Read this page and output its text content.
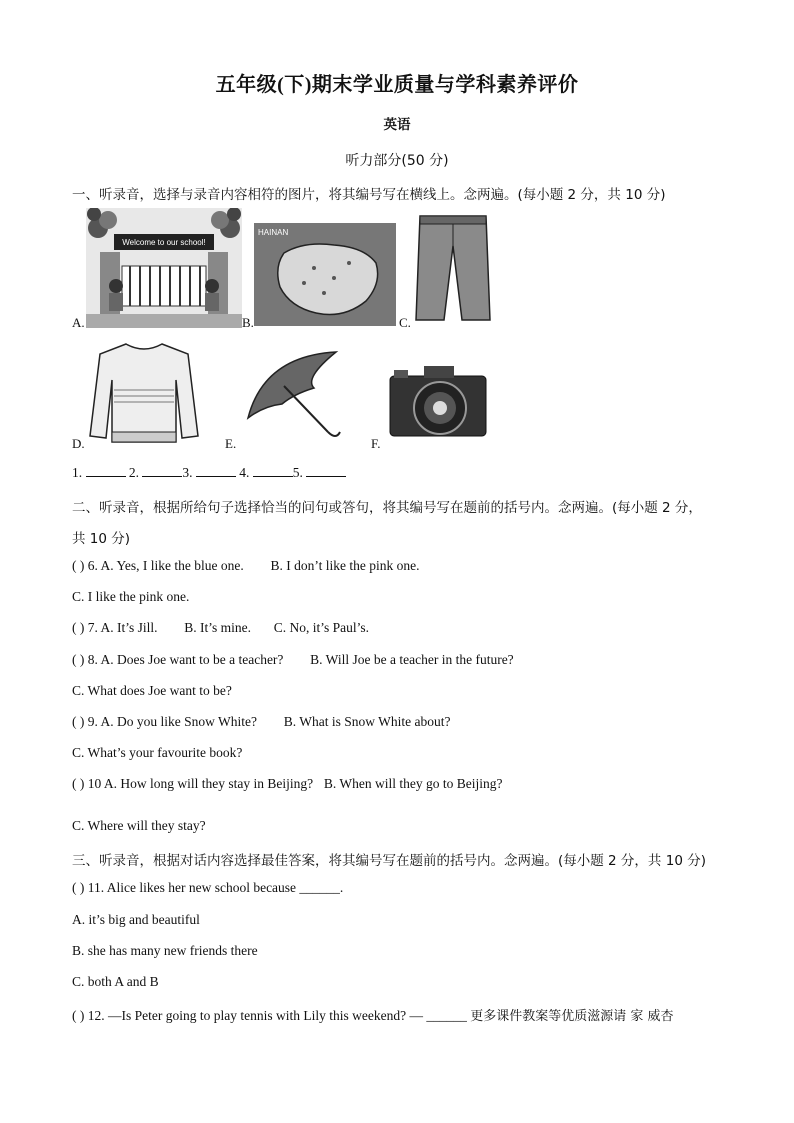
五年级(下)期末学业质量与学科素养评价
英语
听力部分(50 分)
一、听录音，选择与录音内容相符的图片，将其编号写在横线上。念两遍。(每小题 2 分，共 10 分)
A.
Welcome to our school!
B.
HAINAN
C.
D.	E.	F.
1.	2.	3.	4.	5.
二、听录音，根据所给句子选择恰当的问句或答句，将其编号写在题前的括号内。念两遍。(每小题 2 分，
共 10 分)
( ) 6. A. Yes, I like the blue one. B. I don’t like the pink one.
C. I like the pink one.
( ) 7. A. It’s Jill. B. It’s mine. C. No, it’s Paul’s.
( ) 8. A. Does Joe want to be a teacher? B. Will Joe be a teacher in the future?
C. What does Joe want to be?
( ) 9. A. Do you like Snow White? B. What is Snow White about?
C. What’s your favourite book?
( ) 10 A. How long will they stay in Beijing? B. When will they go to Beijing?
C. Where will they stay?
三、听录音，根据对话内容选择最佳答案，将其编号写在题前的括号内。念两遍。(每小题 2 分，共 10 分)
( ) 11. Alice likes her new school because ______.
A. it’s big and beautiful
B. she has many new friends there
C. both A and B
( ) 12. —Is Peter going to play tennis with Lily this weekend? — ______ 更多课件教案等优质滋源请 家 威杏
